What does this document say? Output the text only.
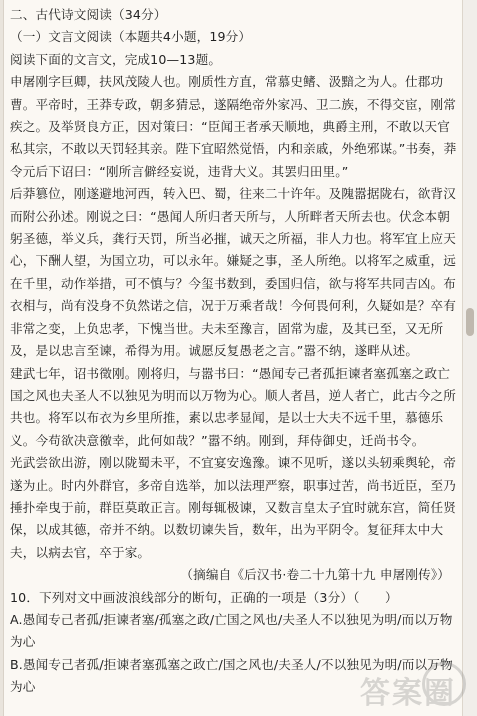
二、古代诗文阅读（34分）

（一）文言文阅读（本题共4小题，19分）

阅读下面的文言文，完成10—13题。

申屠刚字巨卿，扶风茂陵人也。刚质性方直，常慕史鳍、汲黯之为人。仕郡功曹。平帝时，王莽专政，朝多猜忌，遂隔绝帝外家冯、卫二族，不得交宦，刚常疾之。及举贤良方正，因对策曰：“臣闻王者承天顺地，典爵主刑，不敢以天官私其宗，不敢以天罚轻其亲。陛下宜昭然觉悟，内和亲戚，外绝邪谋。”书奏，莽令元后下诏曰：“刚所言僻经妄说，违背大义。其罢归田里。”

后莽篡位，刚遂避地河西，转入巴、蜀，往来二十许年。及隗嚣据陇右，欲背汉而附公孙述。刚说之曰：“愚闻人所归者天所与，人所畔者天所去也。伏念本朝躬圣德，举义兵，龚行天罚，所当必摧，诚天之所福，非人力也。将军宜上应天心，下酬人望，为国立功，可以永年。嫌疑之事，圣人所绝。以将军之威重，远在千里，动作举措，可不慎与？今玺书数到，委国归信，欲与将军共同吉凶。布衣相与，尚有没身不负然诺之信，况于万乘者哉！今何畏何利，久疑如是？卒有非常之变，上负忠孝，下愧当世。夫未至豫言，固常为虚，及其已至，又无所及，是以忠言至谏，希得为用。诚愿反复愚老之言。”嚣不纳，遂畔从述。

建武七年，诏书徵刚。刚将归，与嚣书曰：“愚闻专己者孤拒谏者塞孤塞之政亡国之风也夫圣人不以独见为明而以万物为心。顺人者昌，逆人者亡，此古今之所共也。将军以布衣为乡里所推，素以忠孝显闻，是以士大夫不远千里，慕德乐义。今苟欲决意徼幸，此何如哉？”嚣不纳。刚到，拜侍御史，迁尚书令。

光武尝欲出游，刚以陇蜀未平，不宜宴安逸豫。谏不见听，遂以头轫乘舆轮，帝遂为止。时内外群官，多帝自选举，加以法理严察，职事过苦，尚书近臣，至乃捶扑牵曳于前，群臣莫敢正言。刚每辄极谏，又数言皇太子宜时就东宫，简任贤保，以成其德，帝并不纳。以数切谏失旨，数年，出为平阴令。复征拜太中大夫，以病去官，卒于家。

（摘编自《后汉书·卷二十九第十九 申屠刚传》）

10．下列对文中画波浪线部分的断句，正确的一项是（3分）（　　）

A.愚闻专己者孤/拒谏者塞/孤塞之政/亡国之风也/夫圣人不以独见为明/而以万物为心

B.愚闻专己者孤/拒谏者塞孤塞之政亡/国之风也/夫圣人/不以独见为明/而以万物为心	答案圈
